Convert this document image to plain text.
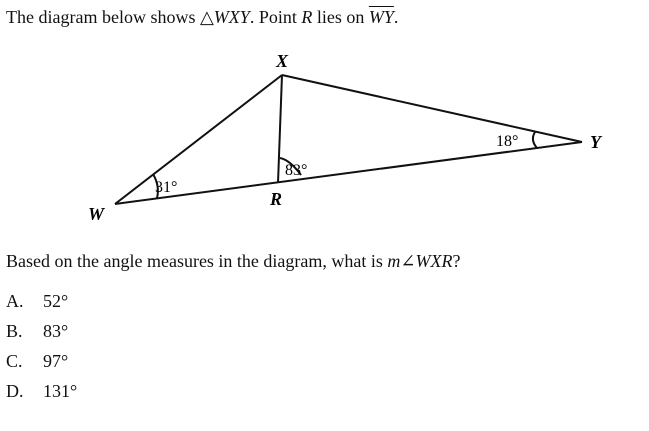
The diagram below shows △WXY. Point R lies on $\overline{WY}$.

X
W
Y
R
31°
18°
83°

Based on the angle measures in the diagram, what is m∠WXR?

A. 52°
B. 83°
C. 97°
D. 131°
